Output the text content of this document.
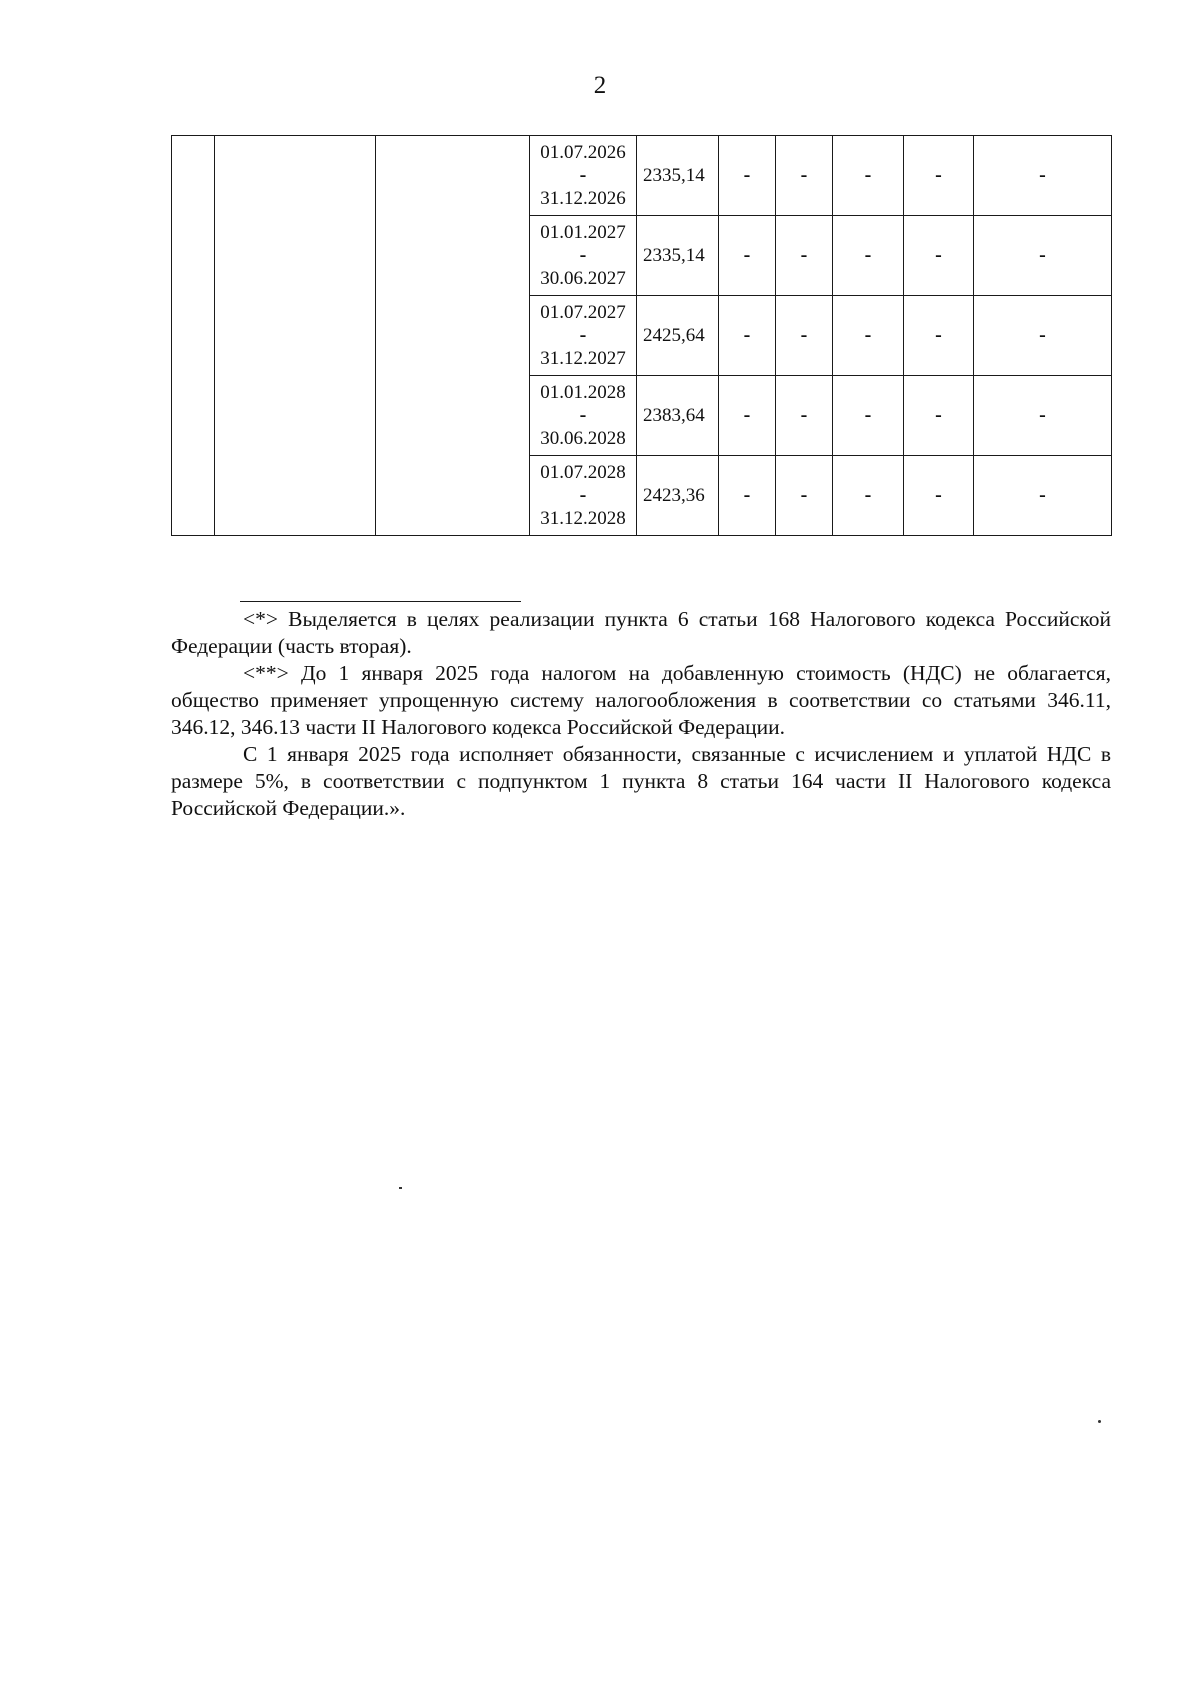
2

			01.07.2026
-
31.12.2026	2335,14	-	-	-	-	-

			01.01.2027
-
30.06.2027	2335,14	-	-	-	-	-

			01.07.2027
-
31.12.2027	2425,64	-	-	-	-	-

			01.01.2028
-
30.06.2028	2383,64	-	-	-	-	-

			01.07.2028
-
31.12.2028	2423,36	-	-	-	-	-

<*> Выделяется в целях реализации пункта 6 статьи 168 Налогового кодекса Российской Федерации (часть вторая).

<**> До 1 января 2025 года налогом на добавленную стоимость (НДС) не облагается, общество применяет упрощенную систему налогообложения в соответствии со статьями 346.11, 346.12, 346.13 части II Налогового кодекса Российской Федерации.

С 1 января 2025 года исполняет обязанности, связанные с исчислением и уплатой НДС в размере 5%, в соответствии с подпунктом 1 пункта 8 статьи 164 части II Налогового кодекса Российской Федерации.».
